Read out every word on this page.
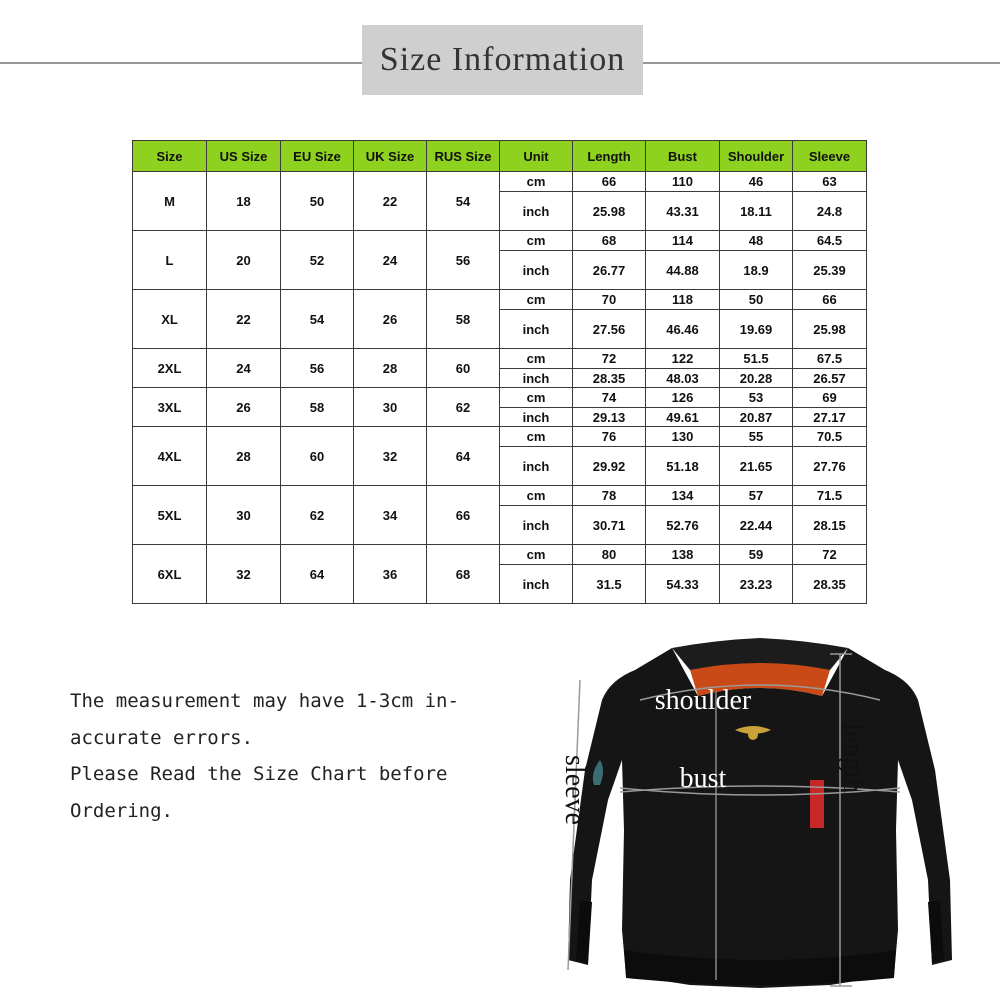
Size Information
Size	US Size	EU Size	UK Size	RUS Size	Unit	Length	Bust	Shoulder	Sleeve
M	18	50	22	54	cm	66	110	46	63
					inch	25.98	43.31	18.11	24.8
L	20	52	24	56	cm	68	114	48	64.5
					inch	26.77	44.88	18.9	25.39
XL	22	54	26	58	cm	70	118	50	66
					inch	27.56	46.46	19.69	25.98
2XL	24	56	28	60	cm	72	122	51.5	67.5
					inch	28.35	48.03	20.28	26.57
3XL	26	58	30	62	cm	74	126	53	69
					inch	29.13	49.61	20.87	27.17
4XL	28	60	32	64	cm	76	130	55	70.5
					inch	29.92	51.18	21.65	27.76
5XL	30	62	34	66	cm	78	134	57	71.5
					inch	30.71	52.76	22.44	28.15
6XL	32	64	36	68	cm	80	138	59	72
					inch	31.5	54.33	23.23	28.35

The measurement may have 1-3cm in-

accurate errors.

Please Read the Size Chart before

Ordering.

shoulder
bust
sleeve	length
